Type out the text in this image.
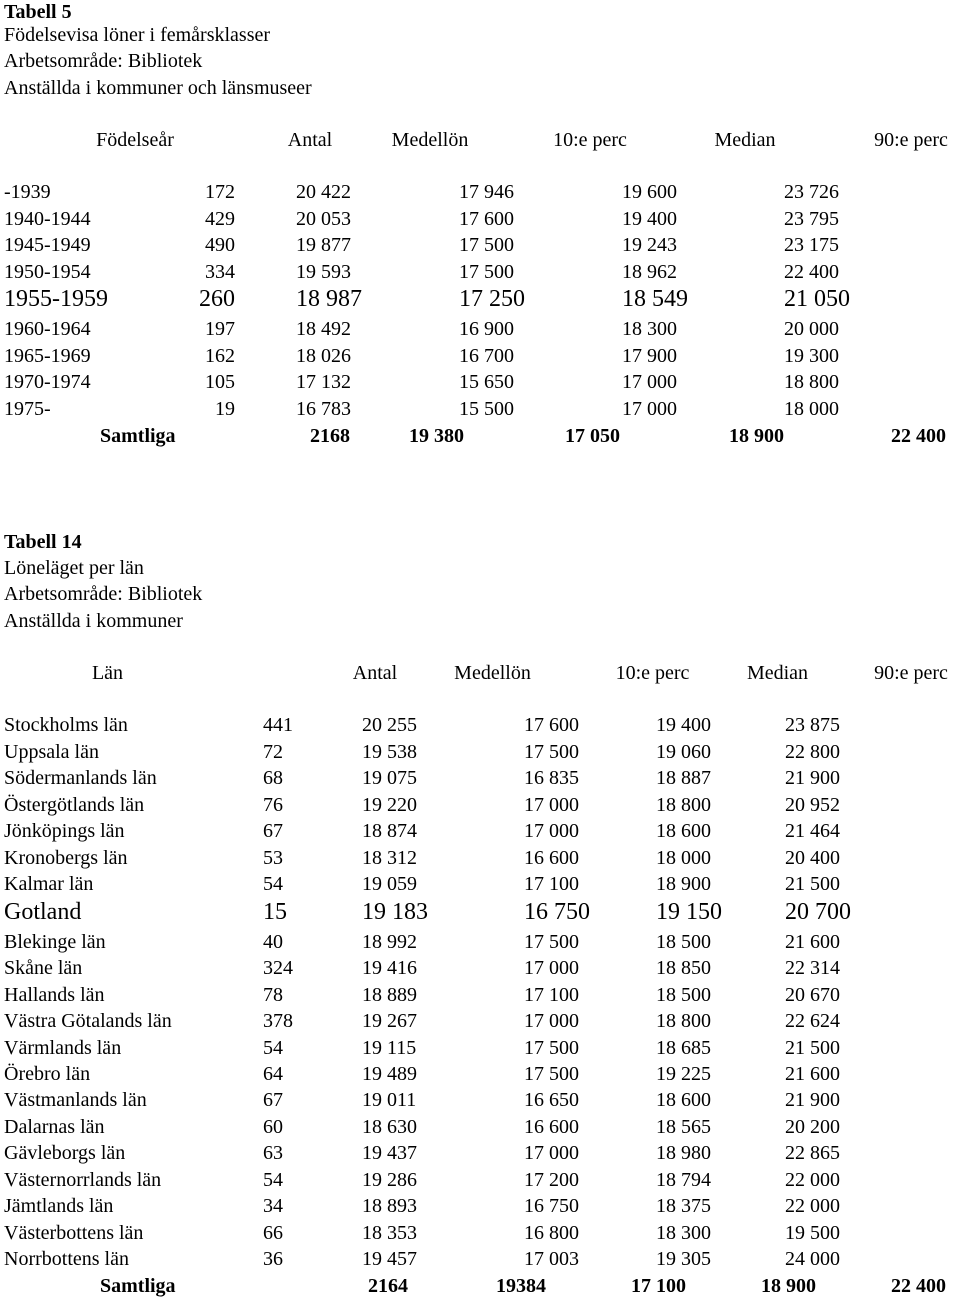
Tabell 5
Födelsevisa löner i femårsklasser
Arbetsområde: Bibliotek
Anställda i kommuner och länsmuseer
Födelseår	Antal	Medellön	10:e perc	Median	90:e perc
-1939	172	20 422	17 946	19 600	23 726
1940-1944	429	20 053	17 600	19 400	23 795
1945-1949	490	19 877	17 500	19 243	23 175
1950-1954	334	19 593	17 500	18 962	22 400
1955-1959	260	18 987	17 250	18 549	21 050
1960-1964	197	18 492	16 900	18 300	20 000
1965-1969	162	18 026	16 700	17 900	19 300
1970-1974	105	17 132	15 650	17 000	18 800
1975-	19	16 783	15 500	17 000	18 000
Samtliga	2168	19 380	17 050	18 900	22 400
Tabell 14
Löneläget per län
Arbetsområde: Bibliotek
Anställda i kommuner
Län	Antal	Medellön	10:e perc	Median	90:e perc
Stockholms län	441	20 255	17 600	19 400	23 875
Uppsala län	72	19 538	17 500	19 060	22 800
Södermanlands län	68	19 075	16 835	18 887	21 900
Östergötlands län	76	19 220	17 000	18 800	20 952
Jönköpings län	67	18 874	17 000	18 600	21 464
Kronobergs län	53	18 312	16 600	18 000	20 400
Kalmar län	54	19 059	17 100	18 900	21 500
Gotland	15	19 183	16 750	19 150	20 700
Blekinge län	40	18 992	17 500	18 500	21 600
Skåne län	324	19 416	17 000	18 850	22 314
Hallands län	78	18 889	17 100	18 500	20 670
Västra Götalands län	378	19 267	17 000	18 800	22 624
Värmlands län	54	19 115	17 500	18 685	21 500
Örebro län	64	19 489	17 500	19 225	21 600
Västmanlands län	67	19 011	16 650	18 600	21 900
Dalarnas län	60	18 630	16 600	18 565	20 200
Gävleborgs län	63	19 437	17 000	18 980	22 865
Västernorrlands län	54	19 286	17 200	18 794	22 000
Jämtlands län	34	18 893	16 750	18 375	22 000
Västerbottens län	66	18 353	16 800	18 300	19 500
Norrbottens län	36	19 457	17 003	19 305	24 000
Samtliga	2164	19384	17 100	18 900	22 400
